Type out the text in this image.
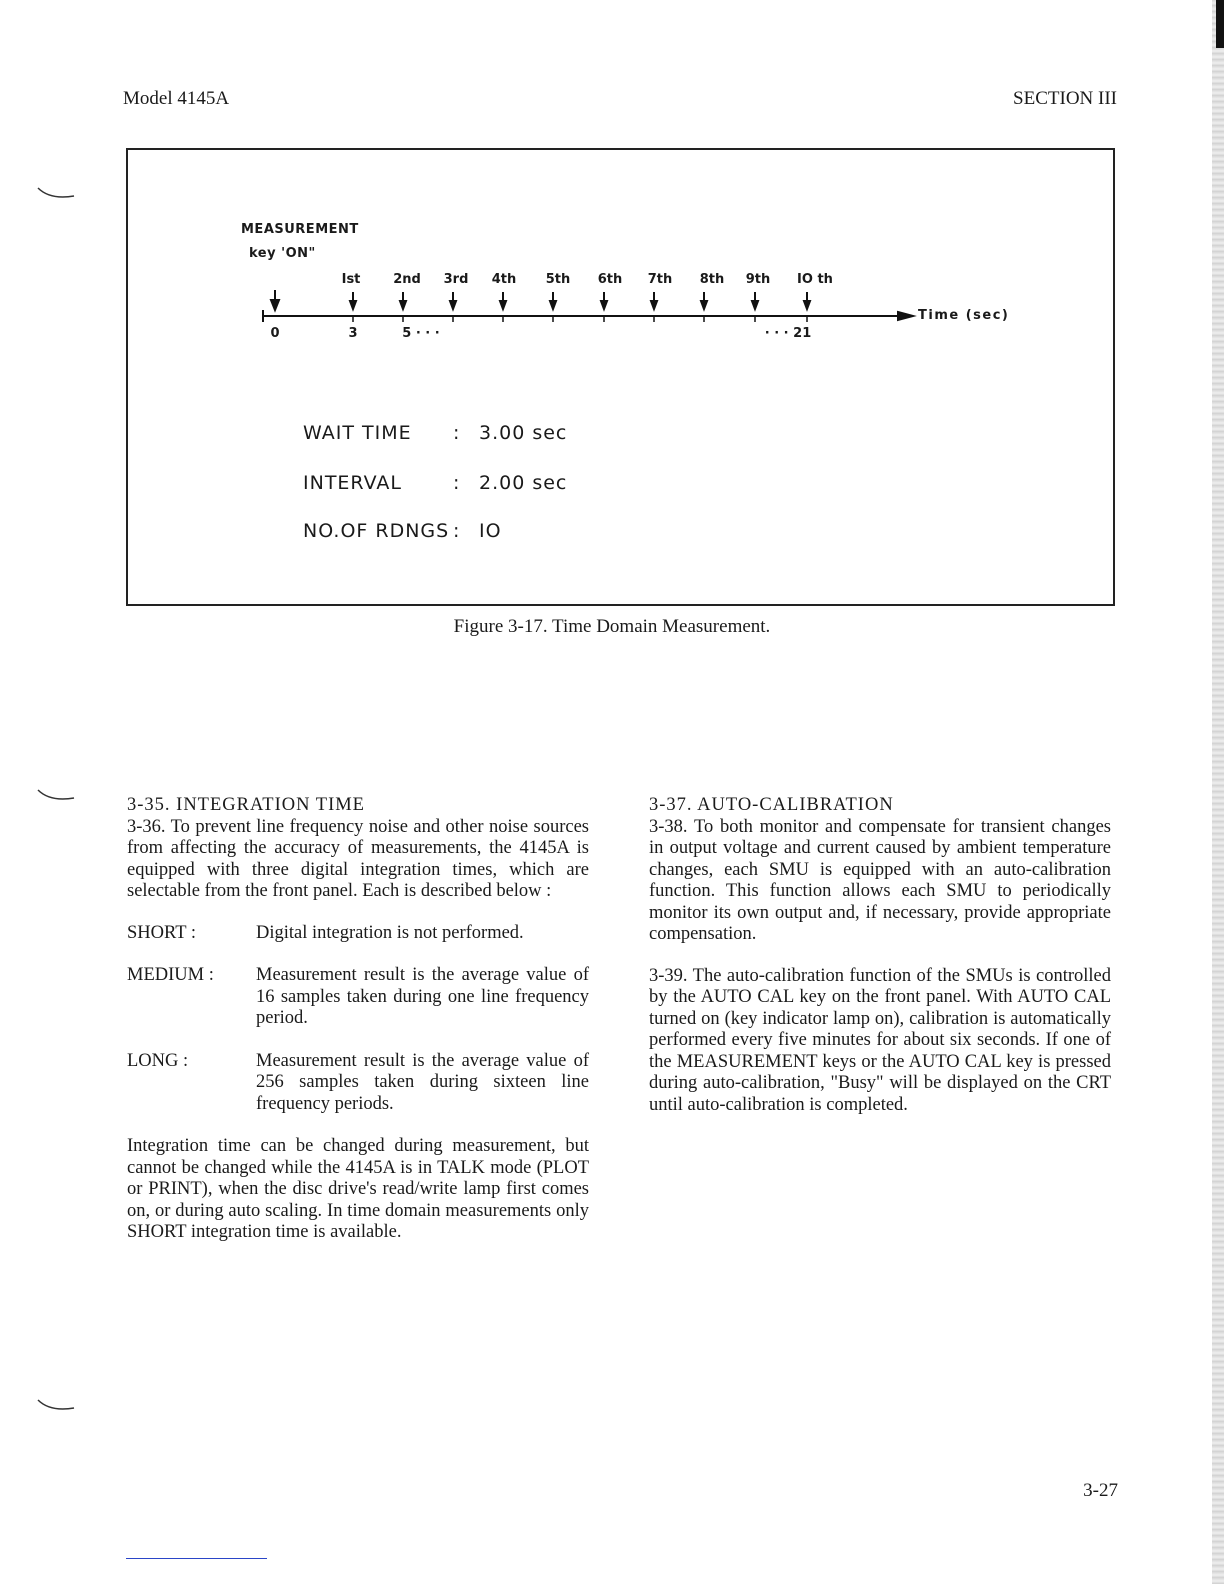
Model 4145A	SECTION III
MEASUREMENT
key 'ON"
Ist	2nd 3rd 4th 5th 6th 7th 8th 9th IO th
Time (sec)
0	3	5 · · ·	· · · 21
WAIT TIME : 3.00 sec
INTERVAL	: 2.00 sec
NO.OF RDNGS : IO
Figure 3-17. Time Domain Measurement.

3-35. INTEGRATION TIME

3-36. To prevent line frequency noise and other noise sources from affecting the accuracy of measurements, the 4145A is equipped with three digital integration times, which are selectable from the front panel. Each is described below :

SHORT :	Digital integration is not performed.
MEDIUM :	Measurement result is the average value of 16 samples taken during one line frequency period.
LONG :	Measurement result is the average value of 256 samples taken during sixteen line frequency periods.

Integration time can be changed during measurement, but cannot be changed while the 4145A is in TALK mode (PLOT or PRINT), when the disc drive's read/write lamp first comes on, or during auto scaling. In time domain measurements only SHORT integration time is available.

3-37. AUTO-CALIBRATION

3-38. To both monitor and compensate for transient changes in output voltage and current caused by ambient temperature changes, each SMU is equipped with an auto-calibration function. This function allows each SMU to periodically monitor its own output and, if necessary, provide appropriate compensation.

3-39. The auto-calibration function of the SMUs is controlled by the AUTO CAL key on the front panel. With AUTO CAL turned on (key indicator lamp on), calibration is automatically performed every five minutes for about six seconds. If one of the MEASUREMENT keys or the AUTO CAL key is pressed during auto-calibration, "Busy" will be displayed on the CRT until auto-calibration is completed.

3-27
